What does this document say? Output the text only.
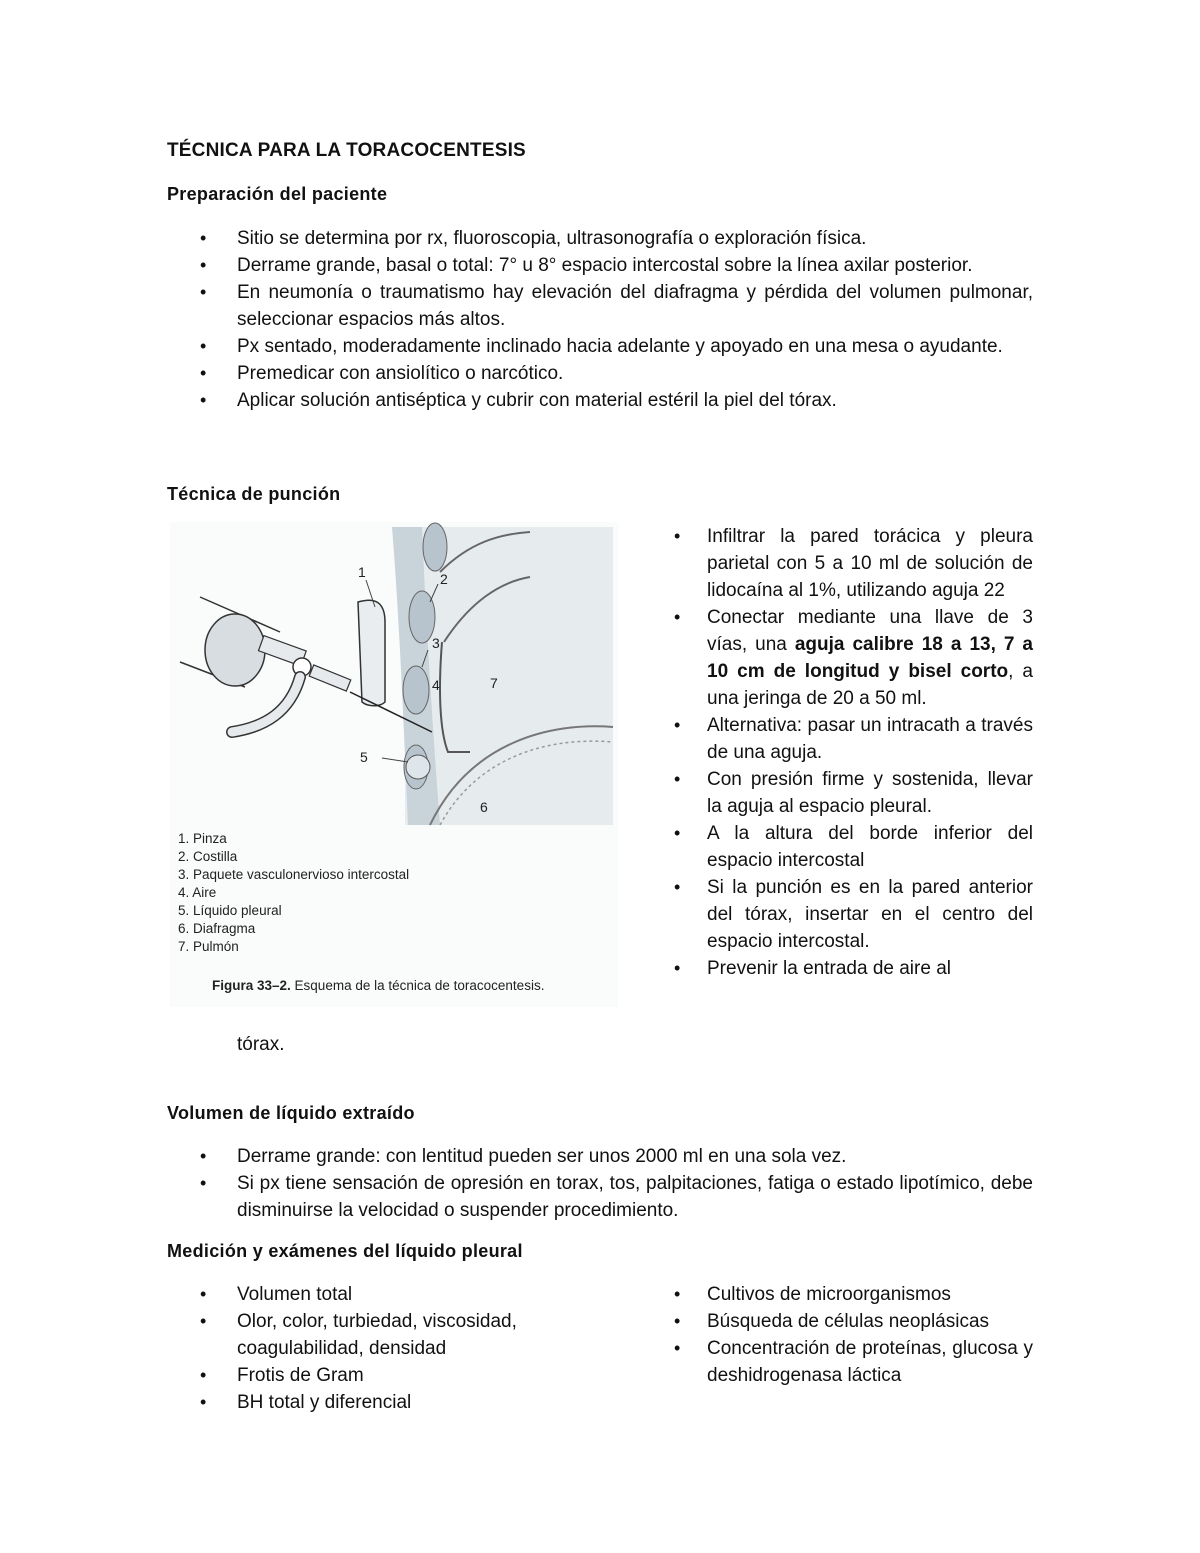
TÉCNICA PARA LA TORACOCENTESIS
Preparación del paciente
• Sitio se determina por rx, fluoroscopia, ultrasonografía o exploración física.
• Derrame grande, basal o total: 7° u 8° espacio intercostal sobre la línea axilar posterior.
• En neumonía o traumatismo hay elevación del diafragma y pérdida del volumen pulmonar, seleccionar espacios más altos.
• Px sentado, moderadamente inclinado hacia adelante y apoyado en una mesa o ayudante.
• Premedicar con ansiolítico o narcótico.
• Aplicar solución antiséptica y cubrir con material estéril la piel del tórax.
Técnica de punción
1	2
3
4
5
6
7
1. Pinza
2. Costilla
3. Paquete vasculonervioso intercostal
4. Aire
5. Líquido pleural
6. Diafragma
7. Pulmón
Figura 33–2. Esquema de la técnica de toracocentesis.
• Infiltrar la pared torácica y pleura parietal con 5 a 10 ml de solución de lidocaína al 1%, utilizando aguja 22
• Conectar mediante una llave de 3 vías, una aguja calibre 18 a 13, 7 a 10 cm de longitud y bisel corto, a una jeringa de 20 a 50 ml.
• Alternativa: pasar un intracath a través de una aguja.
• Con presión firme y sostenida, llevar la aguja al espacio pleural.
• A la altura del borde inferior del espacio intercostal
• Si la punción es en la pared anterior del tórax, insertar en el centro del espacio intercostal.
• Prevenir la entrada de aire al
tórax.
Volumen de líquido extraído
• Derrame grande: con lentitud pueden ser unos 2000 ml en una sola vez.
• Si px tiene sensación de opresión en torax, tos, palpitaciones, fatiga o estado lipotímico, debe disminuirse la velocidad o suspender procedimiento.
Medición y exámenes del líquido pleural
• Volumen total
• Olor, color, turbiedad, viscosidad, coagulabilidad, densidad
• Frotis de Gram
• BH total y diferencial
• Cultivos de microorganismos
• Búsqueda de células neoplásicas
• Concentración de proteínas, glucosa y deshidrogenasa láctica
